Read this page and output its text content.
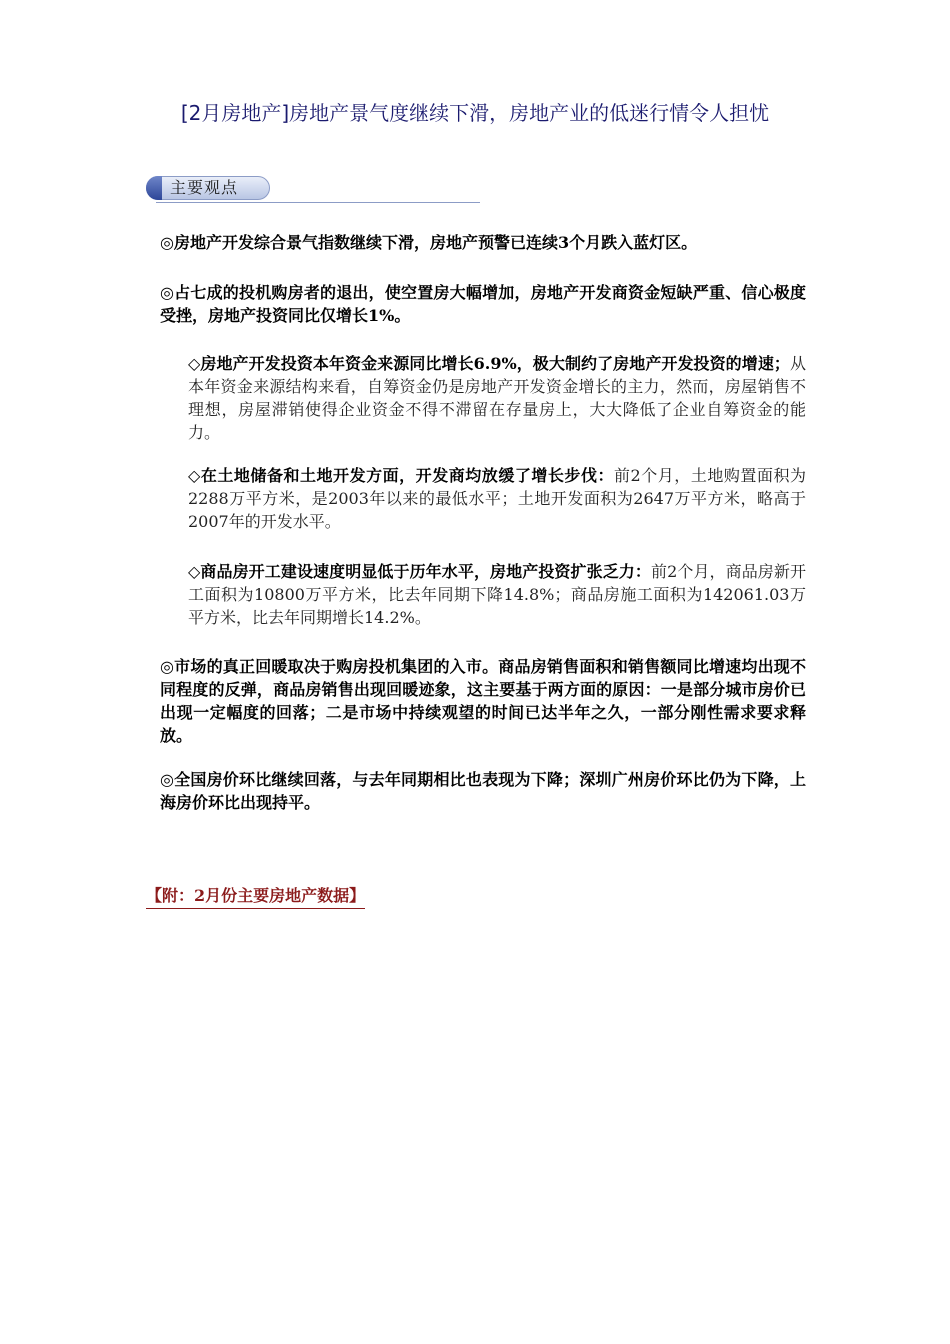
[2月房地产]房地产景气度继续下滑，房地产业的低迷行情令人担忧
主要观点
◎房地产开发综合景气指数继续下滑，房地产预警已连续3个月跌入蓝灯区。
◎占七成的投机购房者的退出，使空置房大幅增加，房地产开发商资金短缺严重、信心极度受挫，房地产投资同比仅增长1%。
◇房地产开发投资本年资金来源同比增长6.9%，极大制约了房地产开发投资的增速；从本年资金来源结构来看，自筹资金仍是房地产开发资金增长的主力，然而，房屋销售不理想，房屋滞销使得企业资金不得不滞留在存量房上，大大降低了企业自筹资金的能力。
◇在土地储备和土地开发方面，开发商均放缓了增长步伐：前2个月，土地购置面积为2288万平方米，是2003年以来的最低水平；土地开发面积为2647万平方米，略高于2007年的开发水平。
◇商品房开工建设速度明显低于历年水平，房地产投资扩张乏力：前2个月，商品房新开工面积为10800万平方米，比去年同期下降14.8%；商品房施工面积为142061.03万平方米，比去年同期增长14.2%。
◎市场的真正回暖取决于购房投机集团的入市。商品房销售面积和销售额同比增速均出现不同程度的反弹，商品房销售出现回暖迹象，这主要基于两方面的原因：一是部分城市房价已出现一定幅度的回落；二是市场中持续观望的时间已达半年之久，一部分刚性需求要求释放。
◎全国房价环比继续回落，与去年同期相比也表现为下降；深圳广州房价环比仍为下降，上海房价环比出现持平。
【附：2月份主要房地产数据】
